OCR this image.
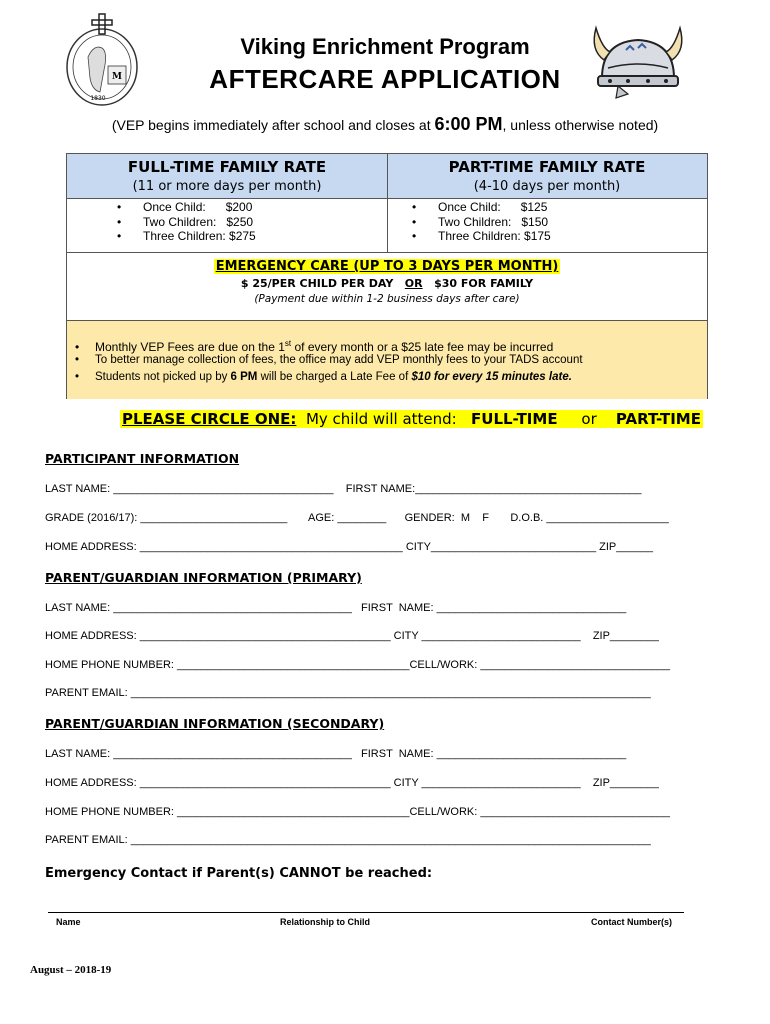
M
1830
Viking Enrichment Program
AFTERCARE APPLICATION
(VEP begins immediately after school and closes at 6:00 PM, unless otherwise noted)
FULL-TIME FAMILY RATE
(11 or more days per month)
PART-TIME FAMILY RATE
(4-10 days per month)
• Once Child:      $200
• Two Children:   $250
• Three Children: $275
• Once Child:      $125
• Two Children:   $150
• Three Children: $175
EMERGENCY CARE (UP TO 3 DAYS PER MONTH)
$ 25/PER CHILD PER DAY   OR   $30 FOR FAMILY
(Payment due within 1-2 business days after care)
• Monthly VEP Fees are due on the 1st of every month or a $25 late fee may be incurred
• To better manage collection of fees, the office may add VEP monthly fees to your TADS account
• Students not picked up by 6 PM will be charged a Late Fee of $10 for every 15 minutes late.
PLEASE CIRCLE ONE:  My child will attend:   FULL-TIME     or    PART-TIME
PARTICIPANT INFORMATION
LAST NAME: ____________________________________    FIRST NAME:_____________________________________
GRADE (2016/17): ________________________       AGE: ________      GENDER:  M    F       D.O.B. ____________________
HOME ADDRESS: ___________________________________________ CITY___________________________ ZIP______
PARENT/GUARDIAN INFORMATION (PRIMARY)
LAST NAME: _______________________________________   FIRST  NAME: _______________________________
HOME ADDRESS: _________________________________________ CITY __________________________    ZIP________
HOME PHONE NUMBER: ______________________________________CELL/WORK: _______________________________
PARENT EMAIL: _____________________________________________________________________________________
PARENT/GUARDIAN INFORMATION (SECONDARY)
LAST NAME: _______________________________________   FIRST  NAME: _______________________________
HOME ADDRESS: _________________________________________ CITY __________________________    ZIP________
HOME PHONE NUMBER: ______________________________________CELL/WORK: _______________________________
PARENT EMAIL: _____________________________________________________________________________________
Emergency Contact if Parent(s) CANNOT be reached:
Name	Relationship to Child	Contact Number(s)
August – 2018-19
